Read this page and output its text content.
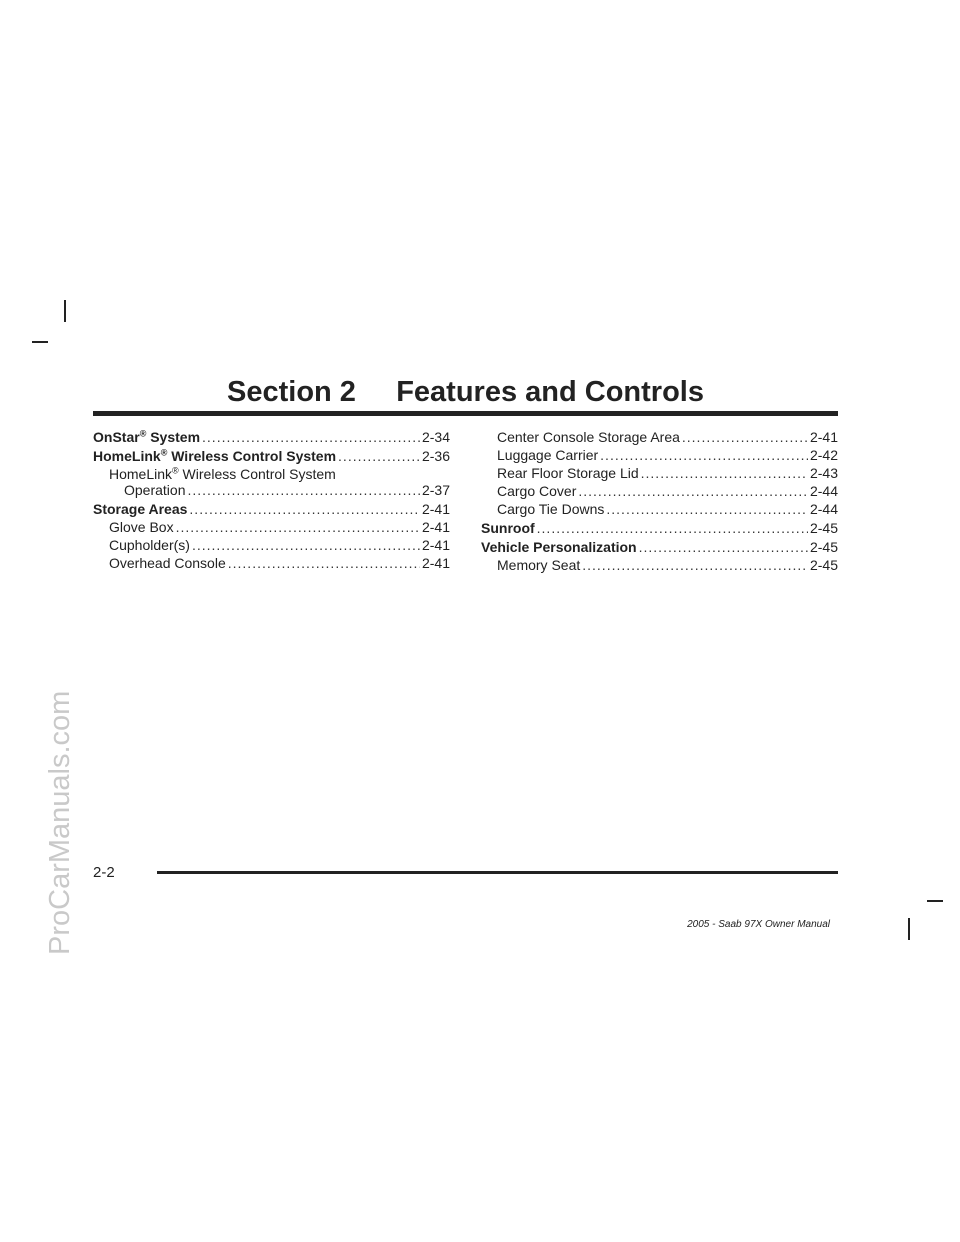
ProCarManuals.com
Section 2     Features and Controls
OnStar® System .....	2-34
HomeLink® Wireless Control System .....	2-36
HomeLink® Wireless Control System
Operation .....	2-37
Storage Areas .....	2-41
Glove Box .....	2-41
Cupholder(s) .....	2-41
Overhead Console .....	2-41
Center Console Storage Area .....	2-41
Luggage Carrier .....	2-42
Rear Floor Storage Lid .....	2-43
Cargo Cover .....	2-44
Cargo Tie Downs .....	2-44
Sunroof .....	2-45
Vehicle Personalization .....	2-45
Memory Seat .....	2-45
2-2
2005 - Saab 97X Owner Manual
